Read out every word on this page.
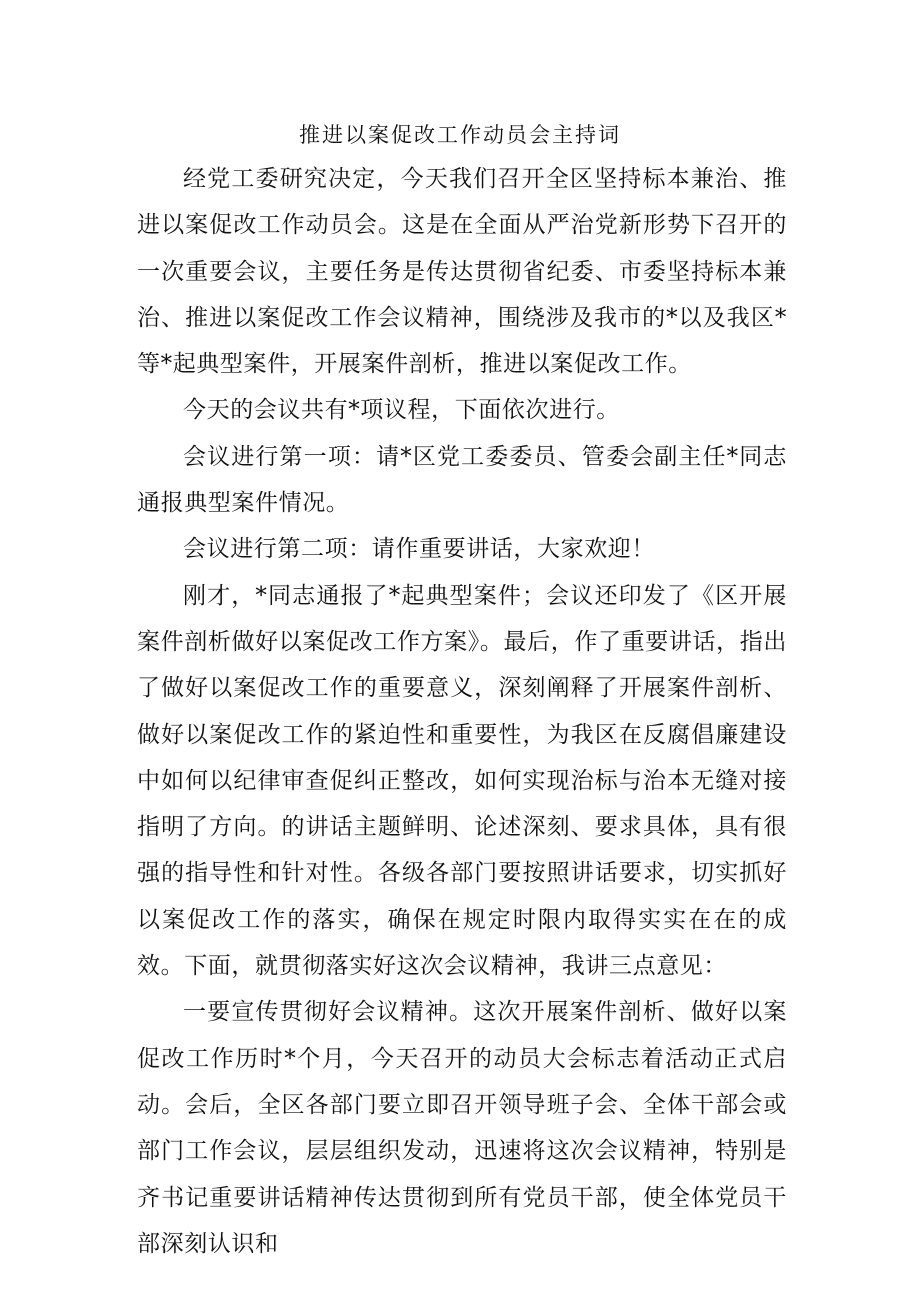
推进以案促改工作动员会主持词

经党工委研究决定，今天我们召开全区坚持标本兼治、推进以案促改工作动员会。这是在全面从严治党新形势下召开的一次重要会议，主要任务是传达贯彻省纪委、市委坚持标本兼治、推进以案促改工作会议精神，围绕涉及我市的*以及我区*等*起典型案件，开展案件剖析，推进以案促改工作。

今天的会议共有*项议程，下面依次进行。

会议进行第一项：请*区党工委委员、管委会副主任*同志通报典型案件情况。

会议进行第二项：请作重要讲话，大家欢迎！

刚才，*同志通报了*起典型案件；会议还印发了《区开展案件剖析做好以案促改工作方案》。最后，作了重要讲话，指出了做好以案促改工作的重要意义，深刻阐释了开展案件剖析、做好以案促改工作的紧迫性和重要性，为我区在反腐倡廉建设中如何以纪律审查促纠正整改，如何实现治标与治本无缝对接指明了方向。的讲话主题鲜明、论述深刻、要求具体，具有很强的指导性和针对性。各级各部门要按照讲话要求，切实抓好以案促改工作的落实，确保在规定时限内取得实实在在的成效。下面，就贯彻落实好这次会议精神，我讲三点意见：

一要宣传贯彻好会议精神。这次开展案件剖析、做好以案促改工作历时*个月，今天召开的动员大会标志着活动正式启动。会后，全区各部门要立即召开领导班子会、全体干部会或部门工作会议，层层组织发动，迅速将这次会议精神，特别是齐书记重要讲话精神传达贯彻到所有党员干部，使全体党员干部深刻认识和
